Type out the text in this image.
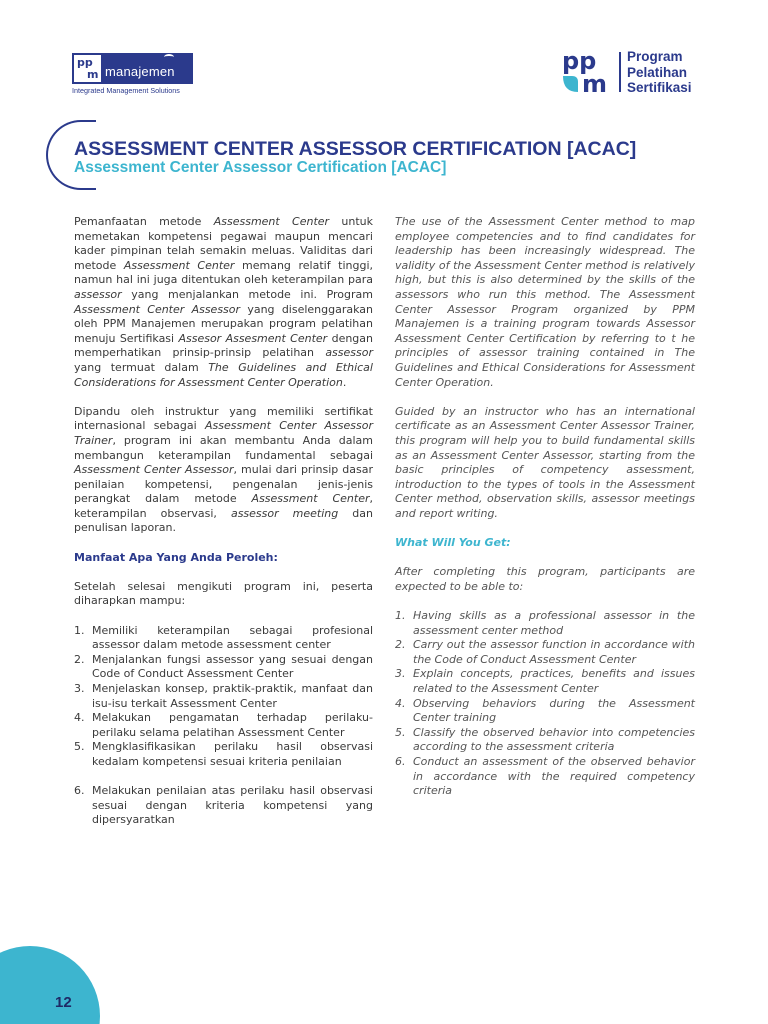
pp
m manajemen
Integrated Management Solutions
pp
m
Program
Pelatihan
Sertifikasi
ASSESSMENT CENTER ASSESSOR CERTIFICATION [ACAC]
Assessment Center Assessor Certification [ACAC]

Pemanfaatan metode Assessment Center untuk memetakan kompetensi pegawai maupun mencari kader pimpinan telah semakin meluas. Validitas dari metode Assessment Center memang relatif tinggi, namun hal ini juga ditentukan oleh keterampilan para assessor yang menjalankan metode ini. Program Assessment Center Assessor yang diselenggarakan oleh PPM Manajemen merupakan program pelatihan menuju Sertifikasi Assesor Assesment Center dengan memperhatikan prinsip-prinsip pelatihan assessor yang termuat dalam The Guidelines and Ethical Considerations for Assessment Center Operation.

Dipandu oleh instruktur yang memiliki sertifikat internasional sebagai Assessment Center Assessor Trainer, program ini akan membantu Anda dalam membangun keterampilan fundamental sebagai Assessment Center Assessor, mulai dari prinsip dasar penilaian kompetensi, pengenalan jenis-jenis perangkat dalam metode Assessment Center, keterampilan observasi, assessor meeting dan penulisan laporan.

Manfaat Apa Yang Anda Peroleh:

Setelah selesai mengikuti program ini, peserta diharapkan mampu:

1. Memiliki keterampilan sebagai profesional assessor dalam metode assessment center
2. Menjalankan fungsi assessor yang sesuai dengan Code of Conduct Assessment Center
3. Menjelaskan konsep, praktik-praktik, manfaat dan isu-isu terkait Assessment Center
4. Melakukan pengamatan terhadap perilaku-perilaku selama pelatihan Assessment Center
5. Mengklasifikasikan perilaku hasil observasi kedalam kompetensi sesuai kriteria penilaian
6. Melakukan penilaian atas perilaku hasil observasi sesuai dengan kriteria kompetensi yang dipersyaratkan

The use of the Assessment Center method to map employee competencies and to find candidates for leadership has been increasingly widespread. The validity of the Assessment Center method is relatively high, but this is also determined by the skills of the assessors who run this method. The Assessment Center Assessor Program organized by PPM Manajemen is a training program towards Assessor Assessment Center Certification by referring to t he principles of assessor training contained in The Guidelines and Ethical Considerations for Assessment Center Operation.

Guided by an instructor who has an international certificate as an Assessment Center Assessor Trainer, this program will help you to build fundamental skills as an Assessment Center Assessor, starting from the basic principles of competency assessment, introduction to the types of tools in the Assessment Center method, observation skills, assessor meetings and report writing.

What Will You Get:

After completing this program, participants are expected to be able to:

1. Having skills as a professional assessor in the assessment center method
2. Carry out the assessor function in accordance with the Code of Conduct Assessment Center
3. Explain concepts, practices, benefits and issues related to the Assessment Center
4. Observing behaviors during the Assessment Center training
5. Classify the observed behavior into competencies according to the assessment criteria
6. Conduct an assessment of the observed behavior in accordance with the required competency criteria
12
